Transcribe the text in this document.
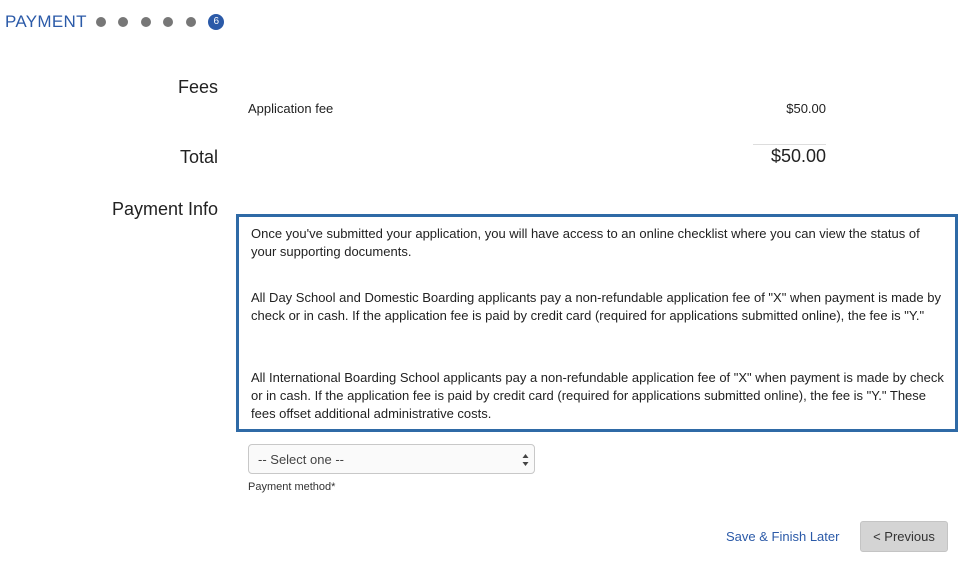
PAYMENT	6
Fees
Application fee	$50.00
Total	$50.00
Payment Info

Once you've submitted your application, you will have access to an online checklist where you can view the status of your supporting documents.

All Day School and Domestic Boarding applicants pay a non-refundable application fee of "X" when payment is made by check or in cash. If the application fee is paid by credit card (required for applications submitted online), the fee is "Y."

All International Boarding School applicants pay a non-refundable application fee of "X" when payment is made by check or in cash. If the application fee is paid by credit card (required for applications submitted online), the fee is "Y." These fees offset additional administrative costs.

-- Select one --
Payment method*
Save & Finish Later	< Previous
